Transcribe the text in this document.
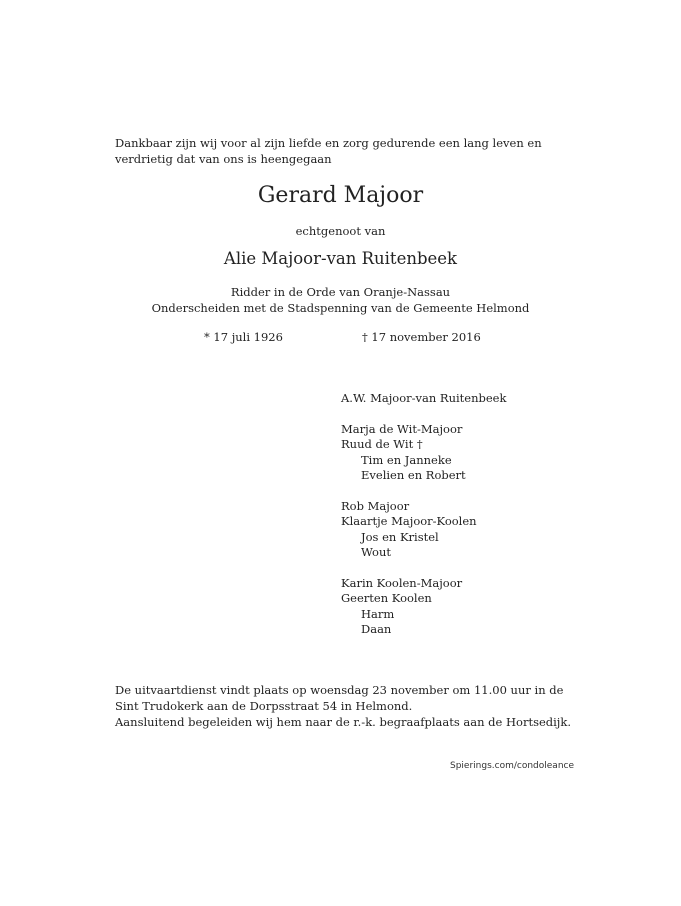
Dankbaar zijn wij voor al zijn liefde en zorg gedurende een lang leven en
verdrietig dat van ons is heengegaan
Gerard Majoor
echtgenoot van
Alie Majoor-van Ruitenbeek
Ridder in de Orde van Oranje-Nassau
Onderscheiden met de Stadspenning van de Gemeente Helmond
* 17 juli 1926	† 17 november 2016
A.W. Majoor-van Ruitenbeek
Marja de Wit-Majoor
Ruud de Wit †
Tim en Janneke
Evelien en Robert
Rob Majoor
Klaartje Majoor-Koolen
Jos en Kristel
Wout
Karin Koolen-Majoor
Geerten Koolen
Harm
Daan
De uitvaartdienst vindt plaats op woensdag 23 november om 11.00 uur in de
Sint Trudokerk aan de Dorpsstraat 54 in Helmond.
Aansluitend begeleiden wij hem naar de r.-k. begraafplaats aan de Hortsedijk.
Spierings.com/condoleance
